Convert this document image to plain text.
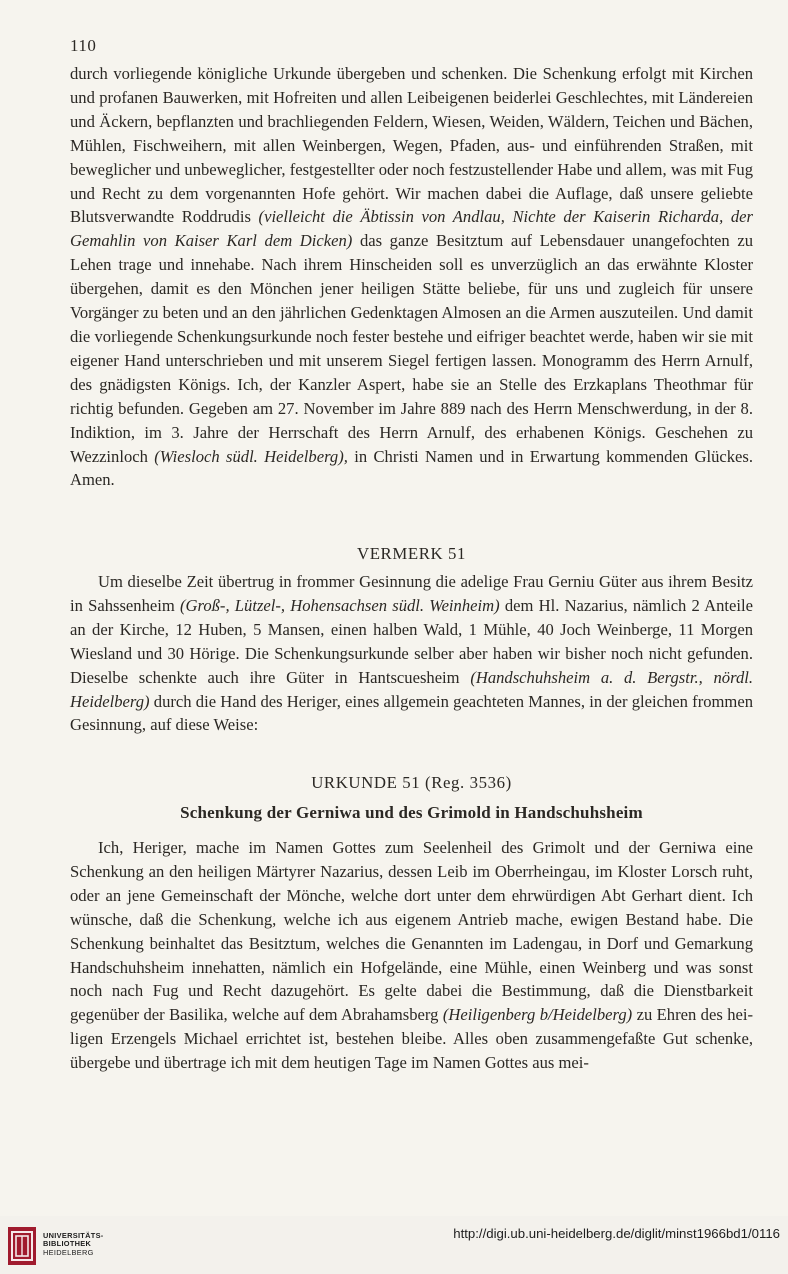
110

durch vorliegende königliche Urkunde übergeben und schenken. Die Schenkung erfolgt mit Kirchen und profanen Bauwerken, mit Hofreiten und allen Leibeigenen beiderlei Geschlechtes, mit Ländereien und Äckern, bepflanzten und brachliegenden Feldern, Wiesen, Weiden, Wäldern, Teichen und Bächen, Mühlen, Fischweihern, mit allen Weinbergen, Wegen, Pfaden, aus- und einführenden Straßen, mit beweglicher und unbeweglicher, festgestellter oder noch festzustellender Habe und allem, was mit Fug und Recht zu dem vorgenannten Hofe gehört. Wir machen dabei die Auflage, daß unsere geliebte Blutsverwandte Roddrudis (vielleicht die Äbtissin von Andlau, Nichte der Kaiserin Richarda, der Gemahlin von Kaiser Karl dem Dicken) das ganze Besitztum auf Lebensdauer unangefochten zu Lehen trage und innehabe. Nach ihrem Hinscheiden soll es unverzüglich an das erwähnte Kloster übergehen, damit es den Mönchen jener heiligen Stätte beliebe, für uns und zugleich für unsere Vorgänger zu beten und an den jährlichen Gedenktagen Almosen an die Armen auszuteilen. Und damit die vorliegende Schenkungsurkunde noch fester bestehe und eifriger beachtet werde, haben wir sie mit eigener Hand unterschrieben und mit unserem Siegel fertigen lassen. Monogramm des Herrn Arnulf, des gnädigsten Königs. Ich, der Kanzler Aspert, habe sie an Stelle des Erzkaplans Theothmar für richtig befunden. Gegeben am 27. November im Jahre 889 nach des Herrn Menschwerdung, in der 8. Indiktion, im 3. Jahre der Herrschaft des Herrn Arnulf, des erhabenen Königs. Geschehen zu Wezzinloch (Wiesloch südl. Heidelberg), in Christi Namen und in Erwartung kommenden Glückes. Amen.

VERMERK 51

Um dieselbe Zeit übertrug in frommer Gesinnung die adelige Frau Gerniu Güter aus ihrem Besitz in Sahssenheim (Groß-, Lützel-, Hohensachsen südl. Weinheim) dem Hl. Nazarius, nämlich 2 Anteile an der Kirche, 12 Huben, 5 Mansen, einen halben Wald, 1 Mühle, 40 Joch Weinberge, 11 Morgen Wiesland und 30 Hörige. Die Schenkungsurkunde selber aber haben wir bisher noch nicht gefunden. Dieselbe schenkte auch ihre Güter in Hantscuesheim (Handschuhsheim a. d. Bergstr., nördl. Heidelberg) durch die Hand des Heriger, eines allgemein geachteten Mannes, in der gleichen frommen Gesinnung, auf diese Weise:

URKUNDE 51 (Reg. 3536)
Schenkung der Gerniwa und des Grimold in Handschuhsheim

Ich, Heriger, mache im Namen Gottes zum Seelenheil des Grimolt und der Gerniwa eine Schenkung an den heiligen Märtyrer Nazarius, dessen Leib im Oberrheingau, im Kloster Lorsch ruht, oder an jene Gemeinschaft der Mönche, welche dort unter dem ehrwürdigen Abt Gerhart dient. Ich wünsche, daß die Schenkung, welche ich aus eigenem Antrieb mache, ewigen Bestand habe. Die Schenkung beinhaltet das Besitztum, welches die Genannten im Ladengau, in Dorf und Gemarkung Handschuhsheim innehatten, nämlich ein Hofgelände, eine Mühle, einen Weinberg und was sonst noch nach Fug und Recht dazugehört. Es gelte dabei die Bestimmung, daß die Dienstbarkeit gegenüber der Basilika, welche auf dem Abrahamsberg (Heiligenberg b/Heidelberg) zu Ehren des heiligen Erzengels Michael errichtet ist, bestehen bleibe. Alles oben zusammengefaßte Gut schenke, übergebe und übertrage ich mit dem heutigen Tage im Namen Gottes aus mei-

UNIVERSITÄTS-
BIBLIOTHEK
HEIDELBERG
http://digi.ub.uni-heidelberg.de/diglit/minst1966bd1/0116
